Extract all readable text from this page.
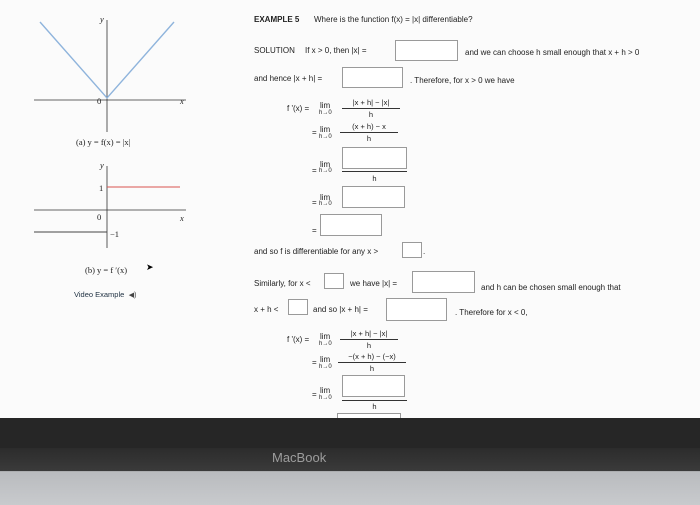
y
x
0
(a) y = f(x) = |x|
y
x
0
1
−1
(b) y = f ′(x) ➤
Video Example ◀)
EXAMPLE 5 Where is the function f(x) = |x| differentiable?
SOLUTION If x > 0, then |x| =	and we can choose h small enough that x + h > 0
and hence |x + h| =	. Therefore, for x > 0 we have
f '(x) = lim
h→0
|x + h| − |x|
h
= lim
h→0
(x + h) − x
h
=
lim
h→0
h
=
lim
h→0
=
and so f is differentiable for any x >	.
Similarly, for x <	we have |x| =	and h can be chosen small enough that
x + h <	and so |x + h| =	. Therefore for x < 0,
f '(x) = lim
h→0
|x + h| − |x|
h
= lim
h→0
−(x + h) − (−x)
h
= lim
h→0
h
MacBook
